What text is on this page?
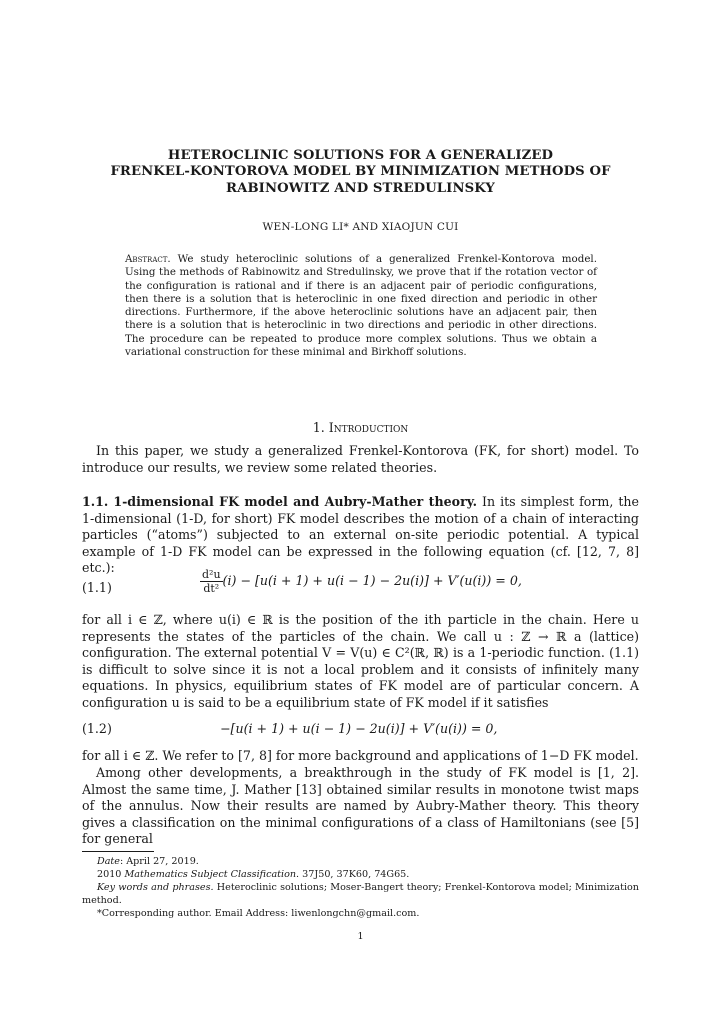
HETEROCLINIC SOLUTIONS FOR A GENERALIZED
FRENKEL-KONTOROVA MODEL BY MINIMIZATION METHODS OF
RABINOWITZ AND STREDULINSKY
WEN-LONG LI* AND XIAOJUN CUI
Abstract. We study heteroclinic solutions of a generalized Frenkel-Kontorova model. Using the methods of Rabinowitz and Stredulinsky, we prove that if the rotation vector of the configuration is rational and if there is an adjacent pair of periodic configurations, then there is a solution that is heteroclinic in one fixed direction and periodic in other directions. Furthermore, if the above heteroclinic solutions have an adjacent pair, then there is a solution that is heteroclinic in two directions and periodic in other directions. The procedure can be repeated to produce more complex solutions. Thus we obtain a variational construction for these minimal and Birkhoff solutions.
1. Introduction

In this paper, we study a generalized Frenkel-Kontorova (FK, for short) model. To introduce our results, we review some related theories.

1.1. 1-dimensional FK model and Aubry-Mather theory. In its simplest form, the 1-dimensional (1-D, for short) FK model describes the motion of a chain of interacting particles (“atoms”) subjected to an external on-site periodic potential. A typical example of 1-D FK model can be expressed in the following equation (cf. [12, 7, 8] etc.):

(1.1)	$\frac{\text{d²u}}{\text{dt²}} (i) - [u(i + 1) + u(i - 1) - 2u(i)] + V'(u(i)) = 0$,

for all i ∈ ℤ, where u(i) ∈ ℝ is the position of the ith particle in the chain. Here u represents the states of the particles of the chain. We call u : ℤ → ℝ a (lattice) configuration. The external potential V = V(u) ∈ C²(ℝ, ℝ) is a 1-periodic function. (1.1) is difficult to solve since it is not a local problem and it consists of infinitely many equations. In physics, equilibrium states of FK model are of particular concern. A configuration u is said to be a equilibrium state of FK model if it satisfies

(1.2)	−[u(i + 1) + u(i − 1) − 2u(i)] + V′(u(i)) = 0,

for all i ∈ ℤ. We refer to [7, 8] for more background and applications of 1−D FK model.

Among other developments, a breakthrough in the study of FK model is [1, 2]. Almost the same time, J. Mather [13] obtained similar results in monotone twist maps of the annulus. Now their results are named by Aubry-Mather theory. This theory gives a classification on the minimal configurations of a class of Hamiltonians (see [5] for general

Date: April 27, 2019.

2010 Mathematics Subject Classification. 37J50, 37K60, 74G65.

Key words and phrases. Heteroclinic solutions; Moser-Bangert theory; Frenkel-Kontorova model; Minimization method.

*Corresponding author. Email Address: liwenlongchn@gmail.com.

1
